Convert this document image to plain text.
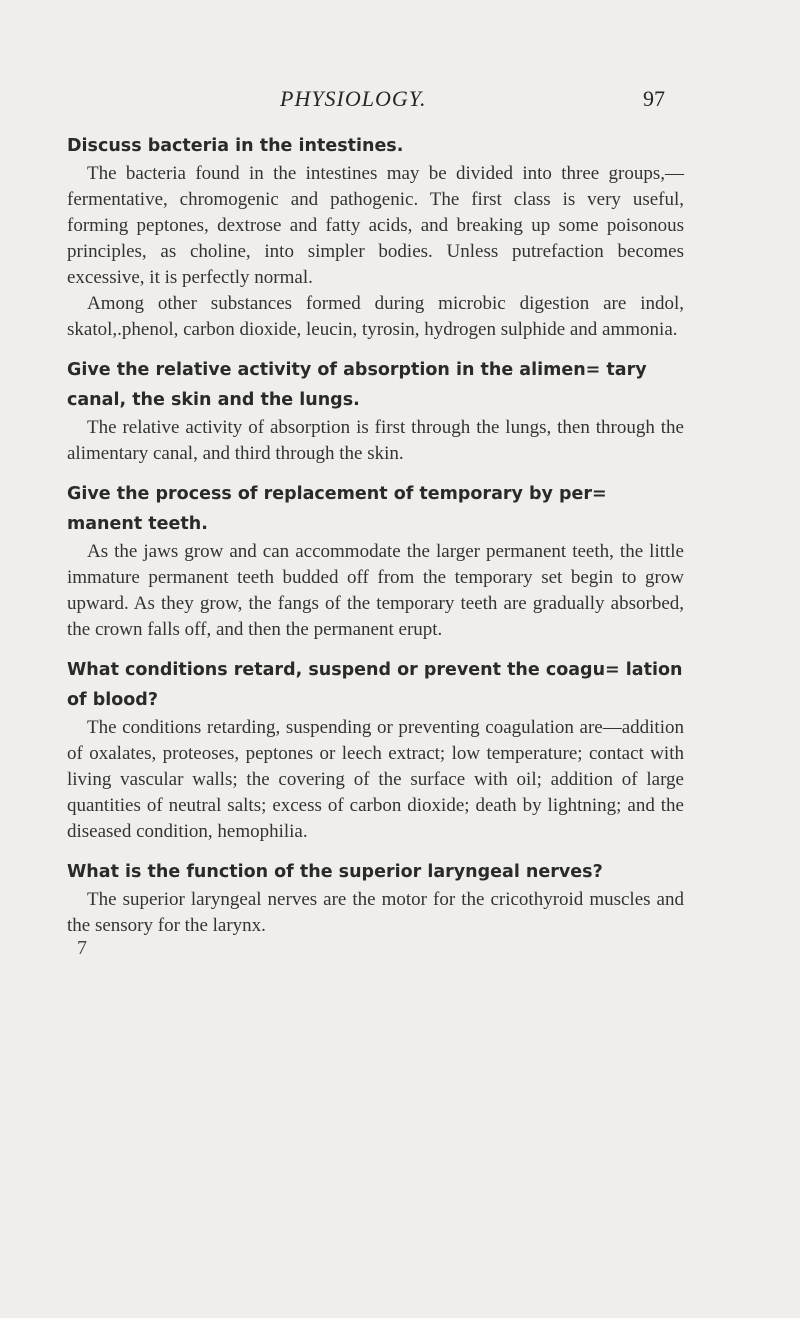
PHYSIOLOGY.	97

Discuss bacteria in the intestines.

The bacteria found in the intestines may be divided into three groups,—fermentative, chromogenic and pathogenic. The first class is very useful, forming peptones, dextrose and fatty acids, and breaking up some poisonous principles, as choline, into simpler bodies. Unless putrefaction becomes excessive, it is perfectly normal.

Among other substances formed during microbic digestion are indol, skatol,.phenol, carbon dioxide, leucin, tyrosin, hydrogen sulphide and ammonia.

Give the relative activity of absorption in the alimen= tary canal, the skin and the lungs.

The relative activity of absorption is first through the lungs, then through the alimentary canal, and third through the skin.

Give the process of replacement of temporary by per= manent teeth.

As the jaws grow and can accommodate the larger permanent teeth, the little immature permanent teeth budded off from the temporary set begin to grow upward. As they grow, the fangs of the temporary teeth are gradually absorbed, the crown falls off, and then the permanent erupt.

What conditions retard, suspend or prevent the coagu= lation of blood?

The conditions retarding, suspending or preventing coagulation are—addition of oxalates, proteoses, peptones or leech extract; low temperature; contact with living vascular walls; the covering of the surface with oil; addition of large quantities of neutral salts; excess of carbon dioxide; death by lightning; and the diseased condition, hemophilia.

What is the function of the superior laryngeal nerves?

The superior laryngeal nerves are the motor for the cricothyroid muscles and the sensory for the larynx.

7
